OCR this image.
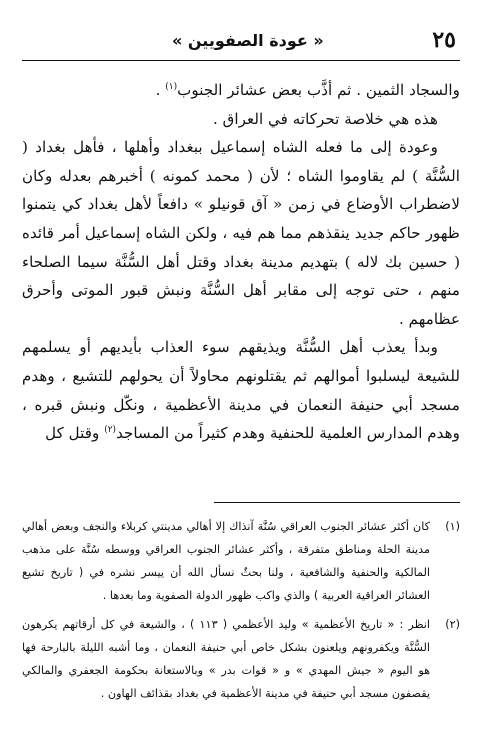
٢٥
« عودة الصفويين »

والسجاد الثمين . ثم أذَّب بعض عشائر الجنوب$^{(١)}$ .

هذه هي خلاصة تحركاته في العراق .

وعودة إلى ما فعله الشاه إسماعيل ببغداد وأهلها ، فأهل بغداد ( السُّنَّة ) لم يقاوموا الشاه ؛ لأن ( محمد كمونه ) أخبرهم بعدله وكان لاضطراب الأوضاع في زمن « آق قونيلو » دافعاً لأهل بغداد كي يتمنوا ظهور حاكم جديد ينقذهم مما هم فيه ، ولكن الشاه إسماعيل أمر قائده ( حسين بك لاله ) بتهديم مدينة بغداد وقتل أهل السُّنَّة سيما الصلحاء منهم ، حتى توجه إلى مقابر أهل السُّنَّة ونبش قبور الموتى وأحرق عظامهم .

وبدأ يعذب أهل السُّنَّة ويذيقهم سوء العذاب بأيديهم أو يسلمهم للشيعة ليسلبوا أموالهم ثم يقتلونهم محاولاً أن يحولهم للتشيع ، وهدم مسجد أبي حنيفة النعمان في مدينة الأعظمية ، ونكّل ونبش قبره ، وهدم المدارس العلمية للحنفية وهدم كثيراً من المساجد$^{(٢)}$ وقتل كل

(١)
كان أكثر عشائر الجنوب العراقي سُنَّة آنذاك إلا أهالي مدينتي كربلاء والنجف وبعض أهالي مدينة الحلة ومناطق متفرقة ، وأكثر عشائر الجنوب العراقي ووسطه سُنَّة على مذهب المالكية والحنفية والشافعية ، ولنا بحثٌ نسأل الله أن ييسر نشره في ( تاريخ تشيع العشائر العراقية العربية ) والذي واكب ظهور الدولة الصفوية وما بعدها .
(٢)
انظر : « تاريخ الأعظمية » وليد الأعظمي ( ١١٣ ) ، والشيعة في كل أرقاتهم يكرهون السُّنَّة ويكفرونهم ويلعنون بشكل خاص أبي حنيفة النعمان ، وما أشبه الليلة بالبارحة فها هو اليوم « جيش المهدي » و « قوات بدر » وبالاستعانة بحكومة الجعفري والمالكي يقصفون مسجد أبي حنيفة في مدينة الأعظمية في بغداد بقذائف الهاون .
